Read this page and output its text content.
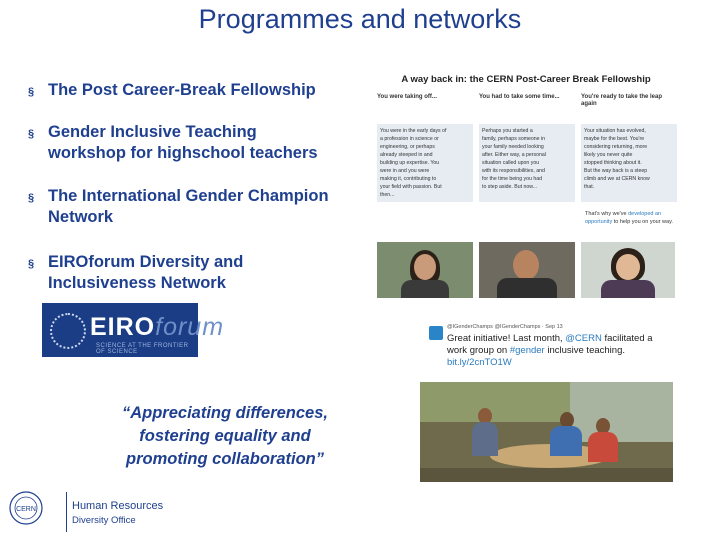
Programmes and networks
§ The Post Career-Break Fellowship
§ Gender Inclusive Teaching workshop for highschool teachers
§ The International Gender Champion Network
§ EIROforum Diversity and Inclusiveness Network
EIROforum
SCIENCE AT THE FRONTIER OF SCIENCE
“Appreciating differences,
fostering equality and
promoting collaboration”
A way back in: the CERN Post-Career Break Fellowship
You were taking off...
You were in the early days of
a profession in science or
engineering, or perhaps
already steeped in and
building up expertise. You
were in and you were
making it, contributing to
your field with passion. But
then...
You had to take some time...
Perhaps you started a
family, perhaps someone in
your family needed looking
after. Either way, a personal
situation called upon you
with its responsibilities, and
for the time being you had
to step aside. But now...
You're ready to take the leap again
Your situation has evolved,
maybe for the best. You're
considering returning, more
likely you never quite
stopped thinking about it.
But the way back is a steep
climb and we at CERN know
that.
That's why we've developed an opportunity to help you on your way.
@IGenderChamps @IGenderChamps · Sep 13
Great initiative! Last month, @CERN facilitated a work group on #gender inclusive teaching. bit.ly/2cnTO1W
CERN	Human Resources
Diversity Office
